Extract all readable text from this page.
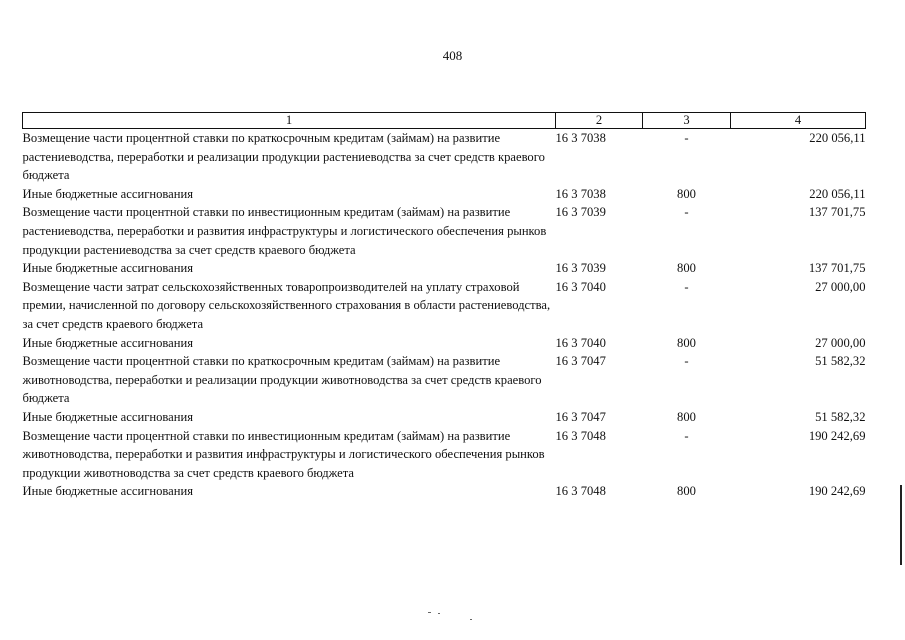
408
1	2	3	4
Возмещение части процентной ставки по краткосрочным кредитам (займам) на развитие растениеводства, переработки и реализации продукции растениеводства за счет средств краевого бюджета	16 3 7038	-	220 056,11
Иные бюджетные ассигнования	16 3 7038	800	220 056,11
Возмещение части процентной ставки по инвестиционным кредитам (займам) на развитие растениеводства, переработки и развития инфраструктуры и логистического обеспечения рынков продукции растениеводства за счет средств краевого бюджета	16 3 7039	-	137 701,75
Иные бюджетные ассигнования	16 3 7039	800	137 701,75
Возмещение части затрат сельскохозяйственных товаропроизводителей на уплату страховой премии, начисленной по договору сельскохозяйственного страхования в области растениеводства, за счет средств краевого бюджета	16 3 7040	-	27 000,00
Иные бюджетные ассигнования	16 3 7040	800	27 000,00
Возмещение части процентной ставки по краткосрочным кредитам (займам) на развитие животноводства, переработки и реализации продукции животноводства за счет средств краевого бюджета	16 3 7047	-	51 582,32
Иные бюджетные ассигнования	16 3 7047	800	51 582,32
Возмещение части процентной ставки по инвестиционным кредитам (займам) на развитие животноводства, переработки и развития инфраструктуры и логистического обеспечения рынков продукции животноводства за счет средств краевого бюджета	16 3 7048	-	190 242,69
Иные бюджетные ассигнования	16 3 7048	800	190 242,69
